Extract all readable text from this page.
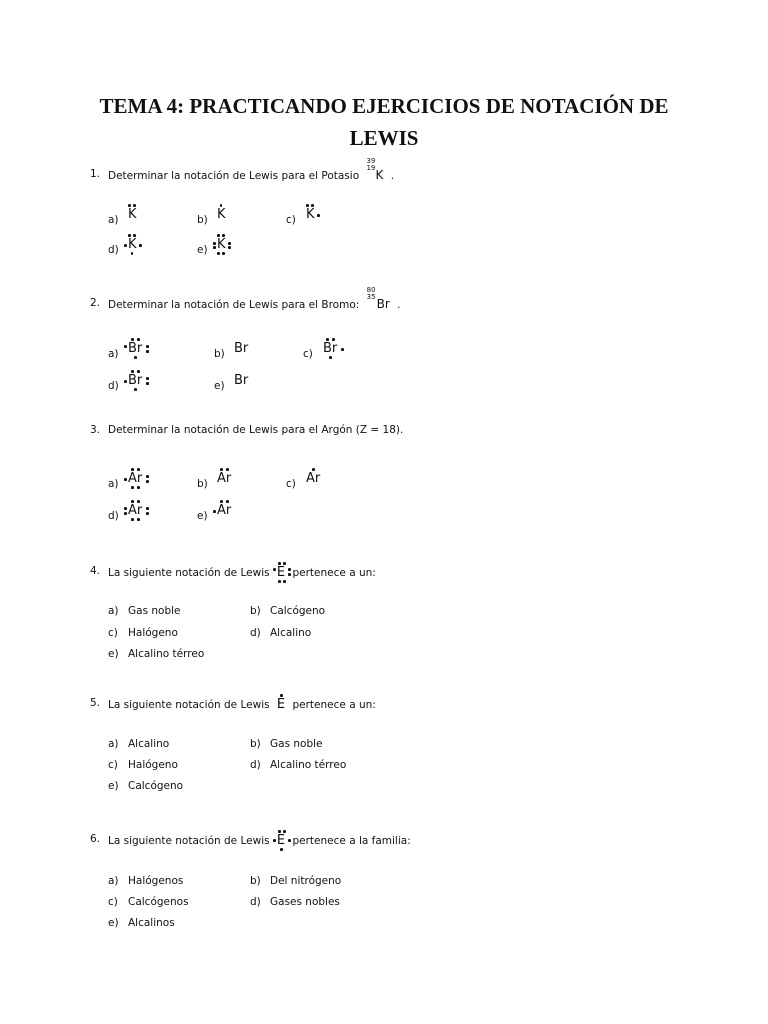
TEMA 4: PRACTICANDO EJERCICIOS DE NOTACIÓN DE
LEWIS
1. Determinar la notación de Lewis para el Potasio
39
19 K .
a) K	b) K	c) K
d) K	e) K
2. Determinar la notación de Lewis para el Bromo:
80
35 Br .
a) Br	b) Br	c) Br
d) Br	e) Br
3. Determinar la notación de Lewis para el Argón (Z = 18).
a) Ar	b) Ar	c) Ar
d) Ar	e) Ar
4. La siguiente notación de Lewis E pertenece a un:
a) Gas noble	b) Calcógeno
c) Halógeno	d) Alcalino
e) Alcalino térreo
5. La siguiente notación de Lewis E pertenece a un:
a) Alcalino	b) Gas noble
c) Halógeno	d) Alcalino térreo
e) Calcógeno
6. La siguiente notación de Lewis E pertenece a la familia:
a) Halógenos	b) Del nitrógeno
c) Calcógenos	d) Gases nobles
e) Alcalinos
